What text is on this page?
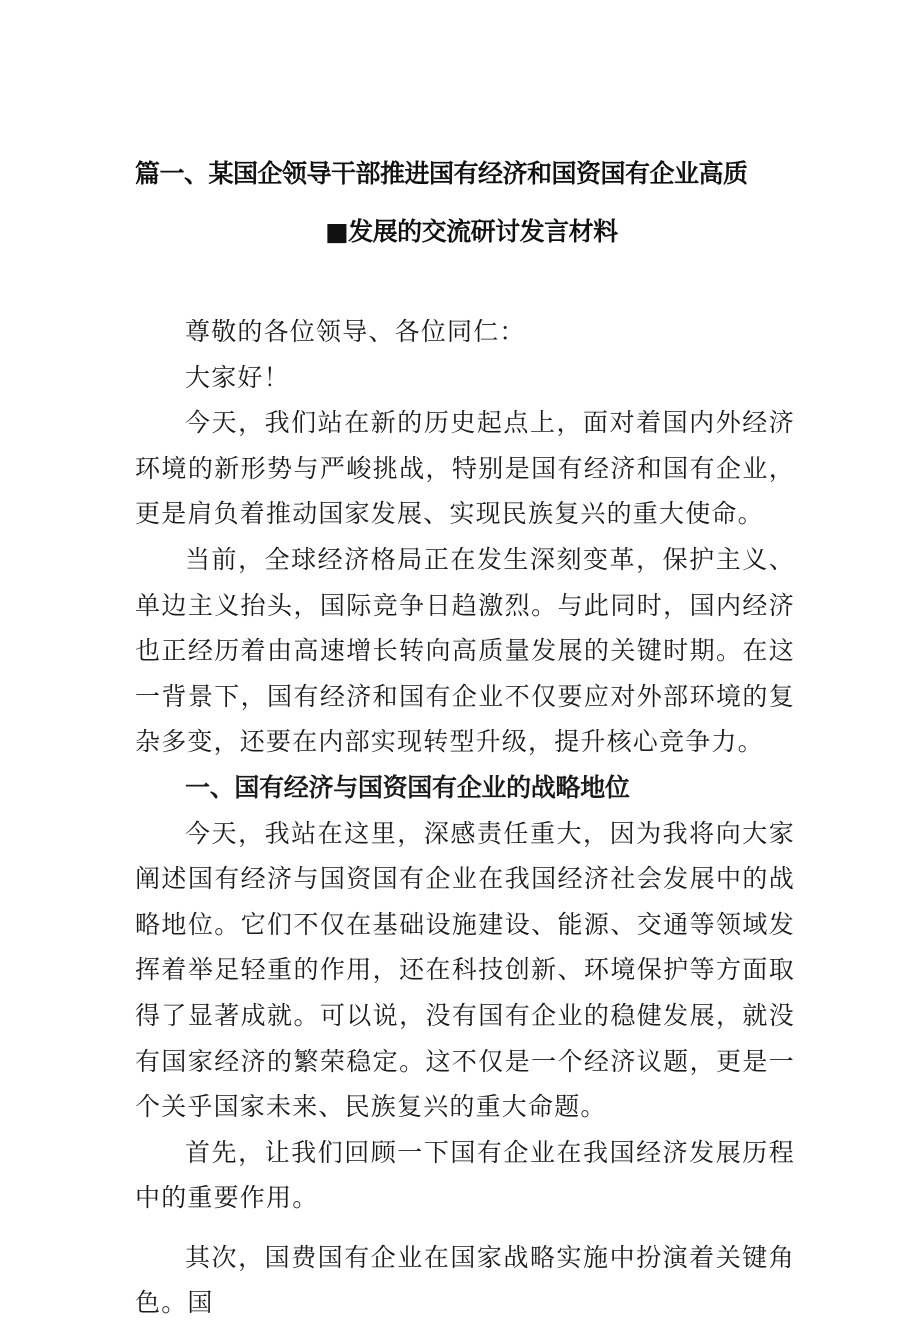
篇一、某国企领导干部推进国有经济和国资国有企业高质
■发展的交流研讨发言材料

尊敬的各位领导、各位同仁：

大家好！

今天，我们站在新的历史起点上，面对着国内外经济环境的新形势与严峻挑战，特别是国有经济和国有企业，更是肩负着推动国家发展、实现民族复兴的重大使命。

当前，全球经济格局正在发生深刻变革，保护主义、单边主义抬头，国际竞争日趋激烈。与此同时，国内经济也正经历着由高速增长转向高质量发展的关键时期。在这一背景下，国有经济和国有企业不仅要应对外部环境的复杂多变，还要在内部实现转型升级，提升核心竞争力。

一、国有经济与国资国有企业的战略地位

今天，我站在这里，深感责任重大，因为我将向大家阐述国有经济与国资国有企业在我国经济社会发展中的战略地位。它们不仅在基础设施建设、能源、交通等领域发挥着举足轻重的作用，还在科技创新、环境保护等方面取得了显著成就。可以说，没有国有企业的稳健发展，就没有国家经济的繁荣稳定。这不仅是一个经济议题，更是一个关乎国家未来、民族复兴的重大命题。

首先，让我们回顾一下国有企业在我国经济发展历程中的重要作用。

其次，国费国有企业在国家战略实施中扮演着关键角色。国
